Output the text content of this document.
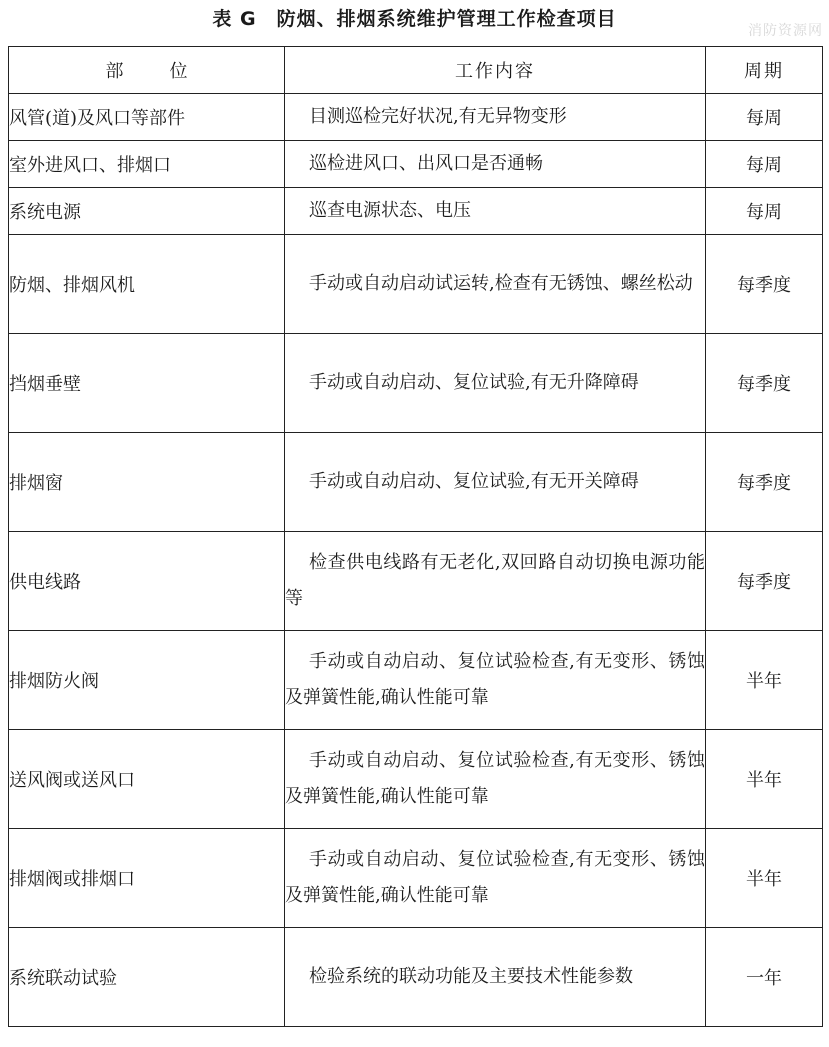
表 G　防烟、排烟系统维护管理工作检查项目
消防资源网
部位	工作内容	周期
风管(道)及风口等部件	目测巡检完好状况,有无异物变形	每周
室外进风口、排烟口	巡检进风口、出风口是否通畅	每周
系统电源	巡查电源状态、电压	每周
防烟、排烟风机	手动或自动启动试运转,检查有无锈蚀、螺丝松动	每季度
挡烟垂壁	手动或自动启动、复位试验,有无升降障碍	每季度
排烟窗	手动或自动启动、复位试验,有无开关障碍	每季度
供电线路	检查供电线路有无老化,双回路自动切换电源功能等	每季度
排烟防火阀	手动或自动启动、复位试验检查,有无变形、锈蚀及弹簧性能,确认性能可靠	半年
送风阀或送风口	手动或自动启动、复位试验检查,有无变形、锈蚀及弹簧性能,确认性能可靠	半年
排烟阀或排烟口	手动或自动启动、复位试验检查,有无变形、锈蚀及弹簧性能,确认性能可靠	半年
系统联动试验	检验系统的联动功能及主要技术性能参数	一年
